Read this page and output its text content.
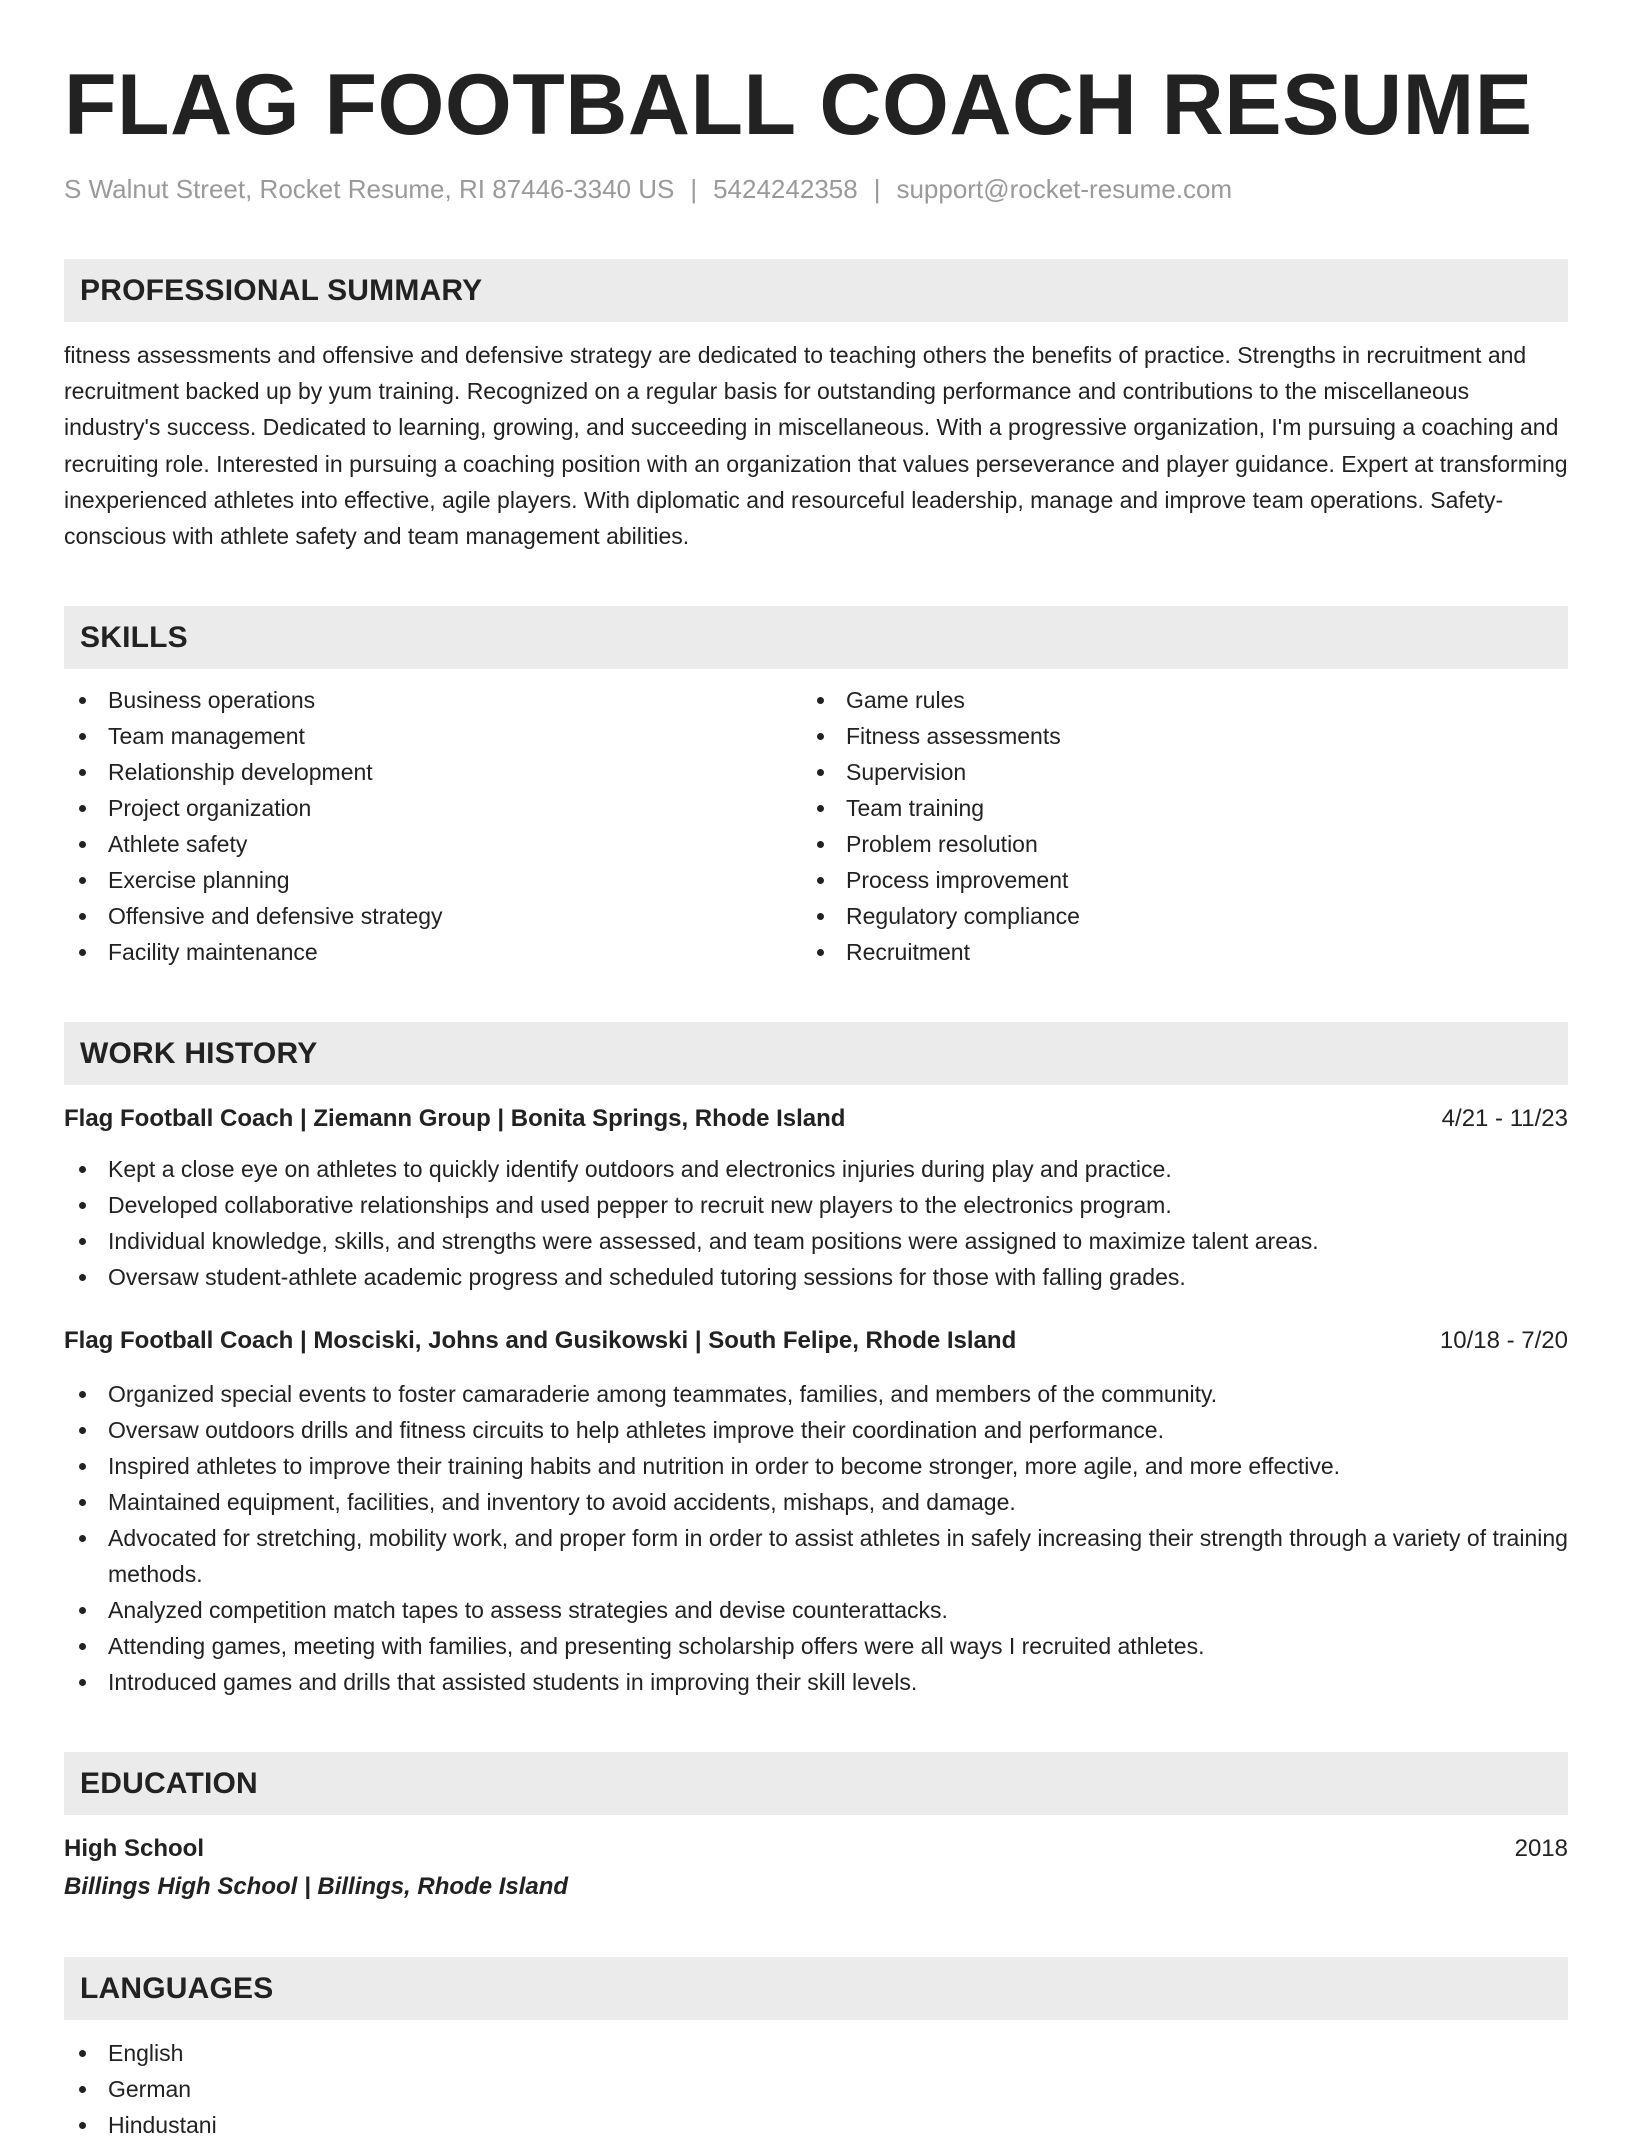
FLAG FOOTBALL COACH RESUME
S Walnut Street, Rocket Resume, RI 87446-3340 US | 5424242358 | support@rocket-resume.com
PROFESSIONAL SUMMARY
fitness assessments and offensive and defensive strategy are dedicated to teaching others the benefits of practice. Strengths in recruitment and recruitment backed up by yum training. Recognized on a regular basis for outstanding performance and contributions to the miscellaneous industry's success. Dedicated to learning, growing, and succeeding in miscellaneous. With a progressive organization, I'm pursuing a coaching and recruiting role. Interested in pursuing a coaching position with an organization that values perseverance and player guidance. Expert at transforming inexperienced athletes into effective, agile players. With diplomatic and resourceful leadership, manage and improve team operations. Safety-conscious with athlete safety and team management abilities.
SKILLS
Business operations
Team management
Relationship development
Project organization
Athlete safety
Exercise planning
Offensive and defensive strategy
Facility maintenance
Game rules
Fitness assessments
Supervision
Team training
Problem resolution
Process improvement
Regulatory compliance
Recruitment
WORK HISTORY
Flag Football Coach | Ziemann Group | Bonita Springs, Rhode Island	4/21 - 11/23
Kept a close eye on athletes to quickly identify outdoors and electronics injuries during play and practice.
Developed collaborative relationships and used pepper to recruit new players to the electronics program.
Individual knowledge, skills, and strengths were assessed, and team positions were assigned to maximize talent areas.
Oversaw student-athlete academic progress and scheduled tutoring sessions for those with falling grades.
Flag Football Coach | Mosciski, Johns and Gusikowski | South Felipe, Rhode Island	10/18 - 7/20
Organized special events to foster camaraderie among teammates, families, and members of the community.
Oversaw outdoors drills and fitness circuits to help athletes improve their coordination and performance.
Inspired athletes to improve their training habits and nutrition in order to become stronger, more agile, and more effective.
Maintained equipment, facilities, and inventory to avoid accidents, mishaps, and damage.
Advocated for stretching, mobility work, and proper form in order to assist athletes in safely increasing their strength through a variety of training methods.
Analyzed competition match tapes to assess strategies and devise counterattacks.
Attending games, meeting with families, and presenting scholarship offers were all ways I recruited athletes.
Introduced games and drills that assisted students in improving their skill levels.
EDUCATION
High School	2018
Billings High School | Billings, Rhode Island
LANGUAGES
English
German
Hindustani
